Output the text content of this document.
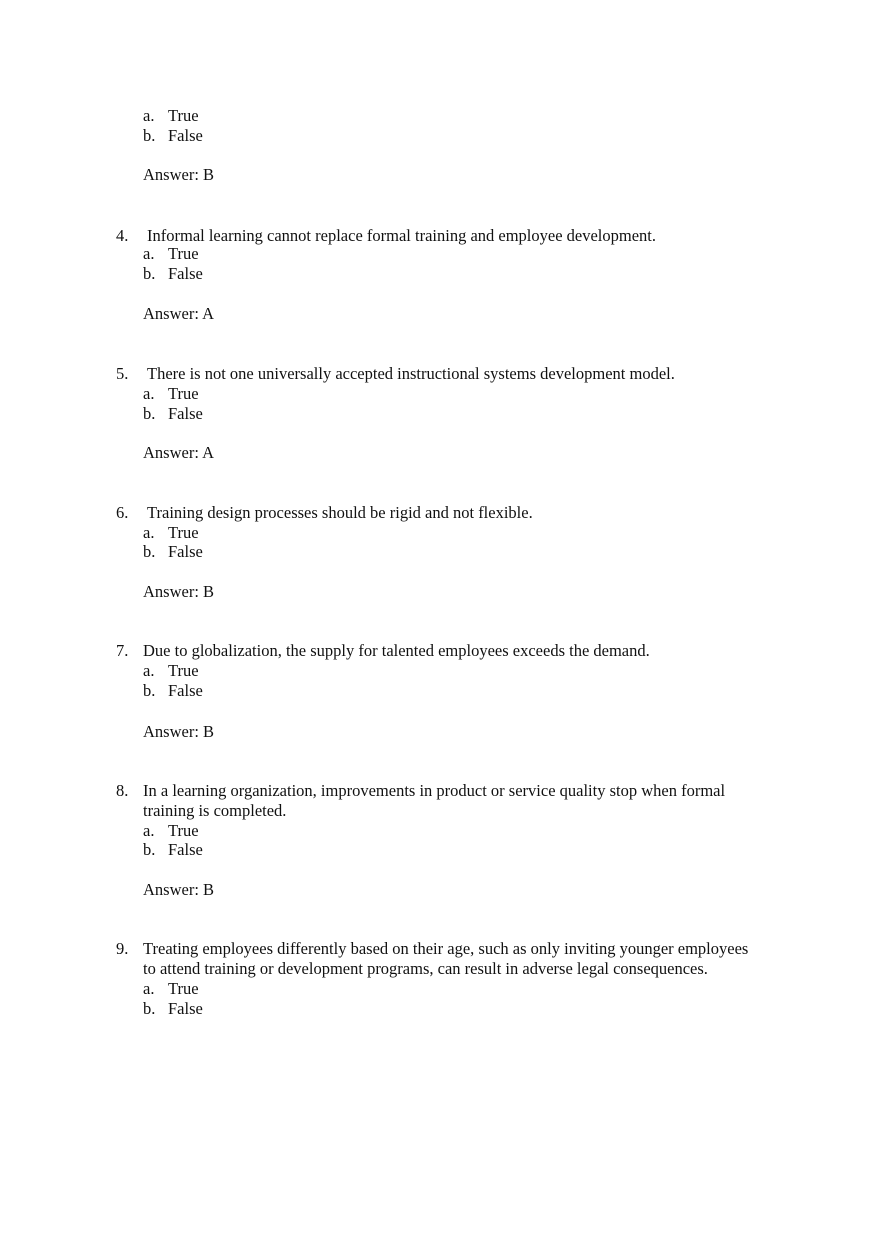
a. True
b. False
Answer: B
4. Informal learning cannot replace formal training and employee development.
a. True
b. False
Answer: A
5. There is not one universally accepted instructional systems development model.
a. True
b. False
Answer: A
6. Training design processes should be rigid and not flexible.
a. True
b. False
Answer: B
7. Due to globalization, the supply for talented employees exceeds the demand.
a. True
b. False
Answer: B
8. In a learning organization, improvements in product or service quality stop when formal
training is completed.
a. True
b. False
Answer: B
9. Treating employees differently based on their age, such as only inviting younger employees
to attend training or development programs, can result in adverse legal consequences.
a. True
b. False
